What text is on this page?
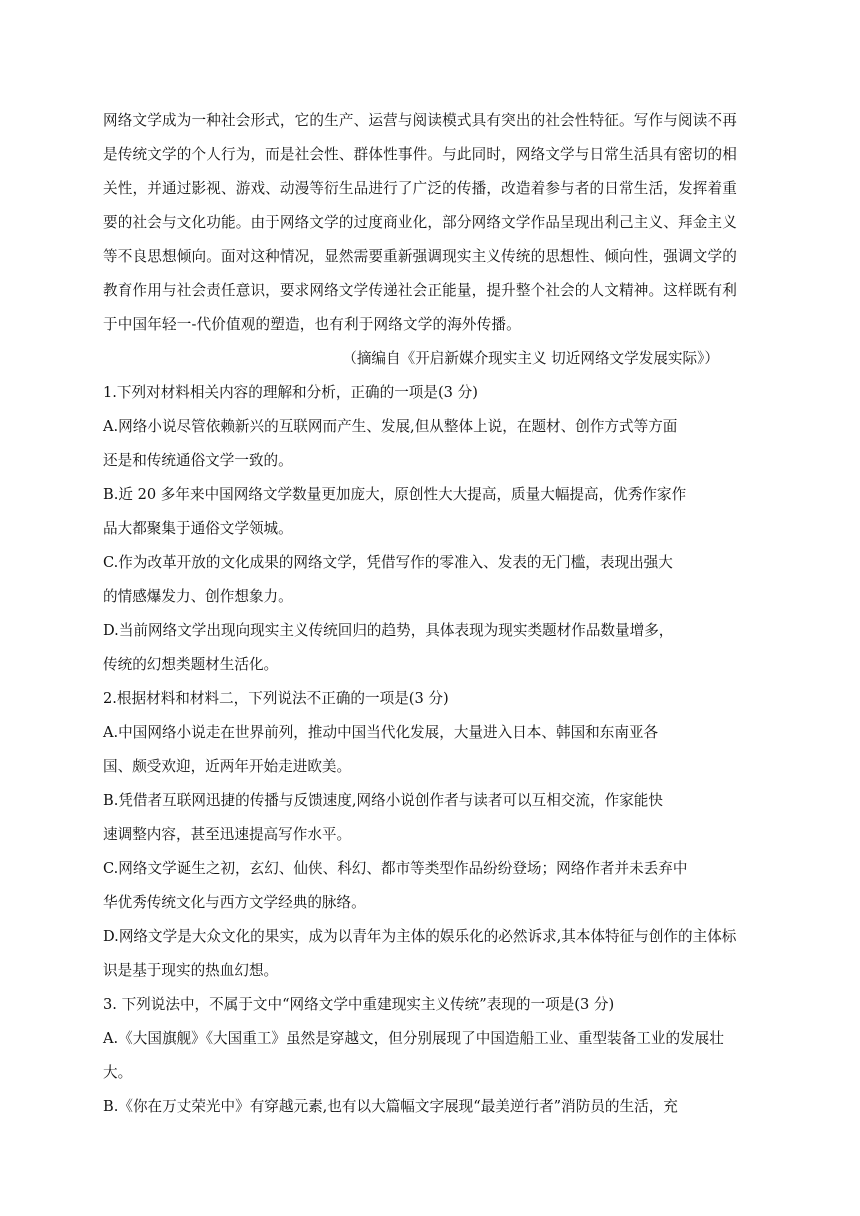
网络文学成为一种社会形式，它的生产、运营与阅读模式具有突出的社会性特征。写作与阅读不再
是传统文学的个人行为，而是社会性、群体性事件。与此同时，网络文学与日常生活具有密切的相
关性，并通过影视、游戏、动漫等衍生品进行了广泛的传播，改造着参与者的日常生活，发挥着重
要的社会与文化功能。由于网络文学的过度商业化，部分网络文学作品呈现出利己主义、拜金主义
等不良思想倾向。面对这种情况，显然需要重新强调现实主义传统的思想性、倾向性，强调文学的
教育作用与社会责任意识，要求网络文学传递社会正能量，提升整个社会的人文精神。这样既有利
于中国年轻一-代价值观的塑造，也有利于网络文学的海外传播。
（摘编自《开启新媒介现实主义 切近网络文学发展实际》）
1.下列对材料相关内容的理解和分析，正确的一项是(3 分)
A.网络小说尽管依赖新兴的互联网而产生、发展,但从整体上说，在题材、创作方式等方面
还是和传统通俗文学一致的。
B.近 20 多年来中国网络文学数量更加庞大，原创性大大提高，质量大幅提高，优秀作家作
品大都聚集于通俗文学领城。
C.作为改革开放的文化成果的网络文学，凭借写作的零准入、发表的无门槛，表现出强大
的情感爆发力、创作想象力。
D.当前网络文学出现向现实主义传统回归的趋势，具体表现为现实类题材作品数量增多，
传统的幻想类题材生活化。
2.根据材料和材料二，下列说法不正确的一项是(3 分)
A.中国网络小说走在世界前列，推动中国当代化发展，大量进入日本、韩国和东南亚各
国、颇受欢迎，近两年开始走进欧美。
B.凭借者互联网迅捷的传播与反馈速度,网络小说创作者与读者可以互相交流，作家能快
速调整内容，甚至迅速提高写作水平。
C.网络文学诞生之初，玄幻、仙侠、科幻、都市等类型作品纷纷登场；网络作者并未丢弃中
华优秀传统文化与西方文学经典的脉络。
D.网络文学是大众文化的果实，成为以青年为主体的娱乐化的必然诉求,其本体特征与创作的主体标
识是基于现实的热血幻想。
3. 下列说法中，不属于文中“网络文学中重建现实主义传统”表现的一项是(3 分)
A.《大国旗舰》《大国重工》虽然是穿越文，但分别展现了中国造船工业、重型装备工业的发展壮
大。
B.《你在万丈荣光中》有穿越元素,也有以大篇幅文字展现“最美逆行者”消防员的生活，充
